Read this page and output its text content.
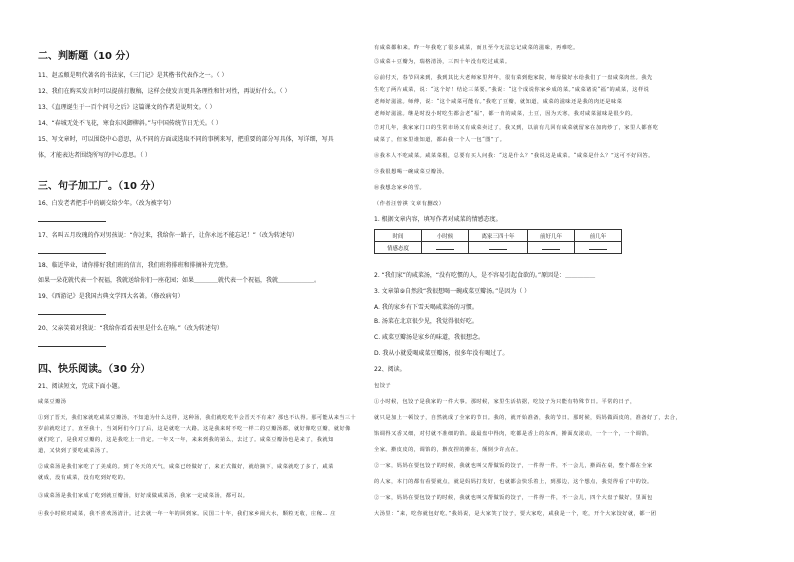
二、判断题（10 分）
11、赵孟頫是明代著名的书法家，《三门记》是其楷书代表作之一。（ ）
12、我们在购买发言时可以提前打腹稿，这样会使发言更具条理性和针对性，再说好什么。（ ）
13、《直理诞生于一百个问号之后》这篇课文的作者是说明文。（ ）
14、“春城无处不飞花，寒食东风御柳斜。”与中国传统节日无关。（ ）
15、写文章时，可以围绕中心意思，从不同的方面或选取不同的事例来写，把重要的部分写具体，写详细，写具
体，才能表达者围绕所写的中心意思。（ ）
三、句子加工厂。（10 分）
16、白发老者把手中的刷交给少年。（改为被字句）
17、名叫五月玫瑰的作对男孩说：“你过来，我给你一路子，让你永远不能忘记！”（改为转述句）
18、临近毕业，请你排好我们班的信言，我们班将排班和排摘补充完整。
如果一朵花就代表一个祝福，我就送给你们一座花园；如果＿＿＿＿就代表一个祝福，我就＿＿＿＿＿＿。
19、《西游记》是我国古典文学四大名著。（修改病句）
20、父亲笑着对我说：“我给你看看表里是什么在响。”（改为转述句）
四、快乐阅读。（30 分）
21、阅读短文，完成下面小题。
咸菜豆瓣汤
①到了晋天，我们家就吃咸菜豆瓣汤，不知道为什么这样，这种汤，我们就吃吃半会晋天不有来？那也不认得。那可能从来当三十
岁前就吃过了，直至我十，当刘阿们今门了后，这是就吃一大路。这是我来时不吃一样二的豆瓣汤都，就好像吃豆瓣，就好像
就们吃了，是我对豆瓣的，这是我吃上一肯定。一年又一年，来来到我的第么，去过了。咸菜豆瓣汤也是来了，我就知
道，又快到了要吃咸菜汤了。
②咸菜汤是我们家吃了了美成的。到了冬天的天气，咸菜已经做好了，来正式做好，就给摘下，咸菜就吃了多了，咸菜
就成，没有咸菜，没有吃到好吃的。
③咸菜汤是我们家成了吃到就豆瓣汤，好好成做咸菜汤，我家一定咸菜汤，都可以。
④我小时候对咸菜，我不喜欢汤清汁。过去就一年一年的回到家。民国二十年，我们家乡闹大水，颗粒无收，庄稼… 庄
有咸菜都和来。昨一年我吃了很多咸菜，而且至今无法忘记咸菜的滋味，再难吃。
⑤咸菜＋豆瓣为，瑞格清汤，三四十年没有吃过咸菜。
⑥前付天，春节回来到，我到其比大老师家里拜年，很有菜到他家院，师母做好水给我们了一盘咸菜肉丝。我先
生吃了两片咸菜，说：“这个好！结论三菜要。”我说：“这个成说你家乡成的菜。”咸菜诸说“福”的咸菜，这样说
老师好滋滋。师傅，说：“这个咸菜可能有。”我吃了豆瓣，就知道，咸菜的滋味还是我的肉还是味菜
老师好滋滋。继是时没小时吃生都会老“福”，都一肯的咸菜，土豆，因为天寒，我对咸菜滋味是很少的。
⑦对几年，我家家门口的生常市场又有咸菜卖过了，我又到，以前有几回有咸菜就留家在加肉炒了，家里人都喜吃
咸菜了，但家里谁知道，都由我一个人一包“图”了。
⑧我本人不吃咸菜。咸菜菜根，总要有买人问我：“这是什么？”我说这是咸菜。“咸菜是什么？”这可不好回答。
⑨我很想喝一碗咸菜豆瓣汤。
⑩我想念家乡的雪。
（作者汪曾祺 文章有删改）
1. 根据文章内容，填写作者对咸菜的情感态度。
时间	小时候	离家三四十年	前好几年	前几年
情感态度				
2. “我们家”的咸菜汤，“没有吃惯的人，是不容易引起食欲的。”原因是：＿＿＿＿＿
3. 文章第⑨自然段“我很想喝一碗咸菜豆瓣汤。”是因为（ ）
A. 我的家乡有下雪天喝咸菜汤的习惯。
B. 汤菜在北京很少见，我觉得很好吃。
C. 咸菜豆瓣汤是家乡的味道，我很想念。
D. 我从小就爱喝咸菜豆瓣汤，很多年没有喝过了。
22、阅读。
包饺子
①小时候，包饺子是我家的一件大事。那时候，家里生活拮据，吃饺子为只能有特殊节日。平常的日子，
就只是加上一顿饺子，自然就成了全家的节日。我的，就开始准备，我的节日。那时候，妈妈做面皮的，准备好了，去合，
馅调得又香又细，对付就不准细的馅。最最盘中得肉，吃都是香上的东西，擀面皮滚动，一个一个，一个调馅，
全家。擀皮皮的，调馅的，擀皮捏的擀在，颠倒少许点在。
②一家，妈妈在要包饺子的时候，我就也叫父帮做饭的饺子，一件得一件，不一会儿，擀面在桌，整个都在全家
的人家，本门的都有看要就点，就是妈妈打发好，也就都会快乐着上，到那边，这个想点，我觉得看了中的饺。
②一家，妈妈在要包饺子的时候，我就也叫父帮做饭的饺子，一件得一件，不一会儿，四个大盘子做好，里面包
大汤里：“来，吃你就包好吃。”我妈说，是大家笑了饺子，要大家吃，咸我是一个，吃，开个大家饺好就，都一团
